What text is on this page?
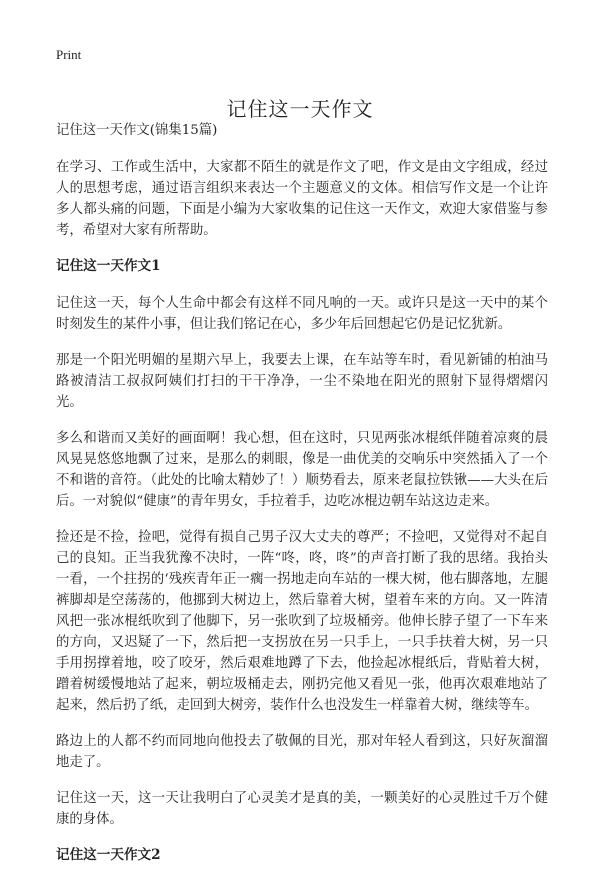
Print
记住这一天作文

记住这一天作文(锦集15篇)

在学习、工作或生活中，大家都不陌生的就是作文了吧，作文是由文字组成，经过人的思想考虑，通过语言组织来表达一个主题意义的文体。相信写作文是一个让许多人都头痛的问题，下面是小编为大家收集的记住这一天作文，欢迎大家借鉴与参考，希望对大家有所帮助。

记住这一天作文1

记住这一天，每个人生命中都会有这样不同凡响的一天。或许只是这一天中的某个时刻发生的某件小事，但让我们铭记在心，多少年后回想起它仍是记忆犹新。

那是一个阳光明媚的星期六早上，我要去上课，在车站等车时，看见新铺的柏油马路被清洁工叔叔阿姨们打扫的干干净净，一尘不染地在阳光的照射下显得熠熠闪光。

多么和谐而又美好的画面啊！我心想，但在这时，只见两张冰棍纸伴随着凉爽的晨风晃晃悠悠地飘了过来，是那么的刺眼，像是一曲优美的交响乐中突然插入了一个不和谐的音符。（此处的比喻太精妙了！）顺势看去，原来老鼠拉铁锹——大头在后后。一对貌似“健康”的青年男女，手拉着手，边吃冰棍边朝车站这边走来。

捡还是不捡，捡吧，觉得有损自己男子汉大丈夫的尊严；不捡吧，又觉得对不起自己的良知。正当我犹豫不决时，一阵“咚，咚，咚”的声音打断了我的思绪。我抬头一看，一个拄拐的‘残疾青年正一瘸一拐地走向车站的一棵大树，他右脚落地，左腿裤脚却是空荡荡的，他挪到大树边上，然后靠着大树，望着车来的方向。又一阵清风把一张冰棍纸吹到了他脚下，另一张吹到了垃圾桶旁。他伸长脖子望了一下车来的方向，又迟疑了一下，然后把一支拐放在另一只手上，一只手扶着大树，另一只手用拐撑着地，咬了咬牙，然后艰难地蹲了下去，他捡起冰棍纸后，背贴着大树，蹭着树缓慢地站了起来，朝垃圾桶走去，刚扔完他又看见一张，他再次艰难地站了起来，然后扔了纸，走回到大树旁，装作什么也没发生一样靠着大树，继续等车。

路边上的人都不约而同地向他投去了敬佩的目光，那对年轻人看到这，只好灰溜溜地走了。

记住这一天，这一天让我明白了心灵美才是真的美，一颗美好的心灵胜过千万个健康的身体。

记住这一天作文2
